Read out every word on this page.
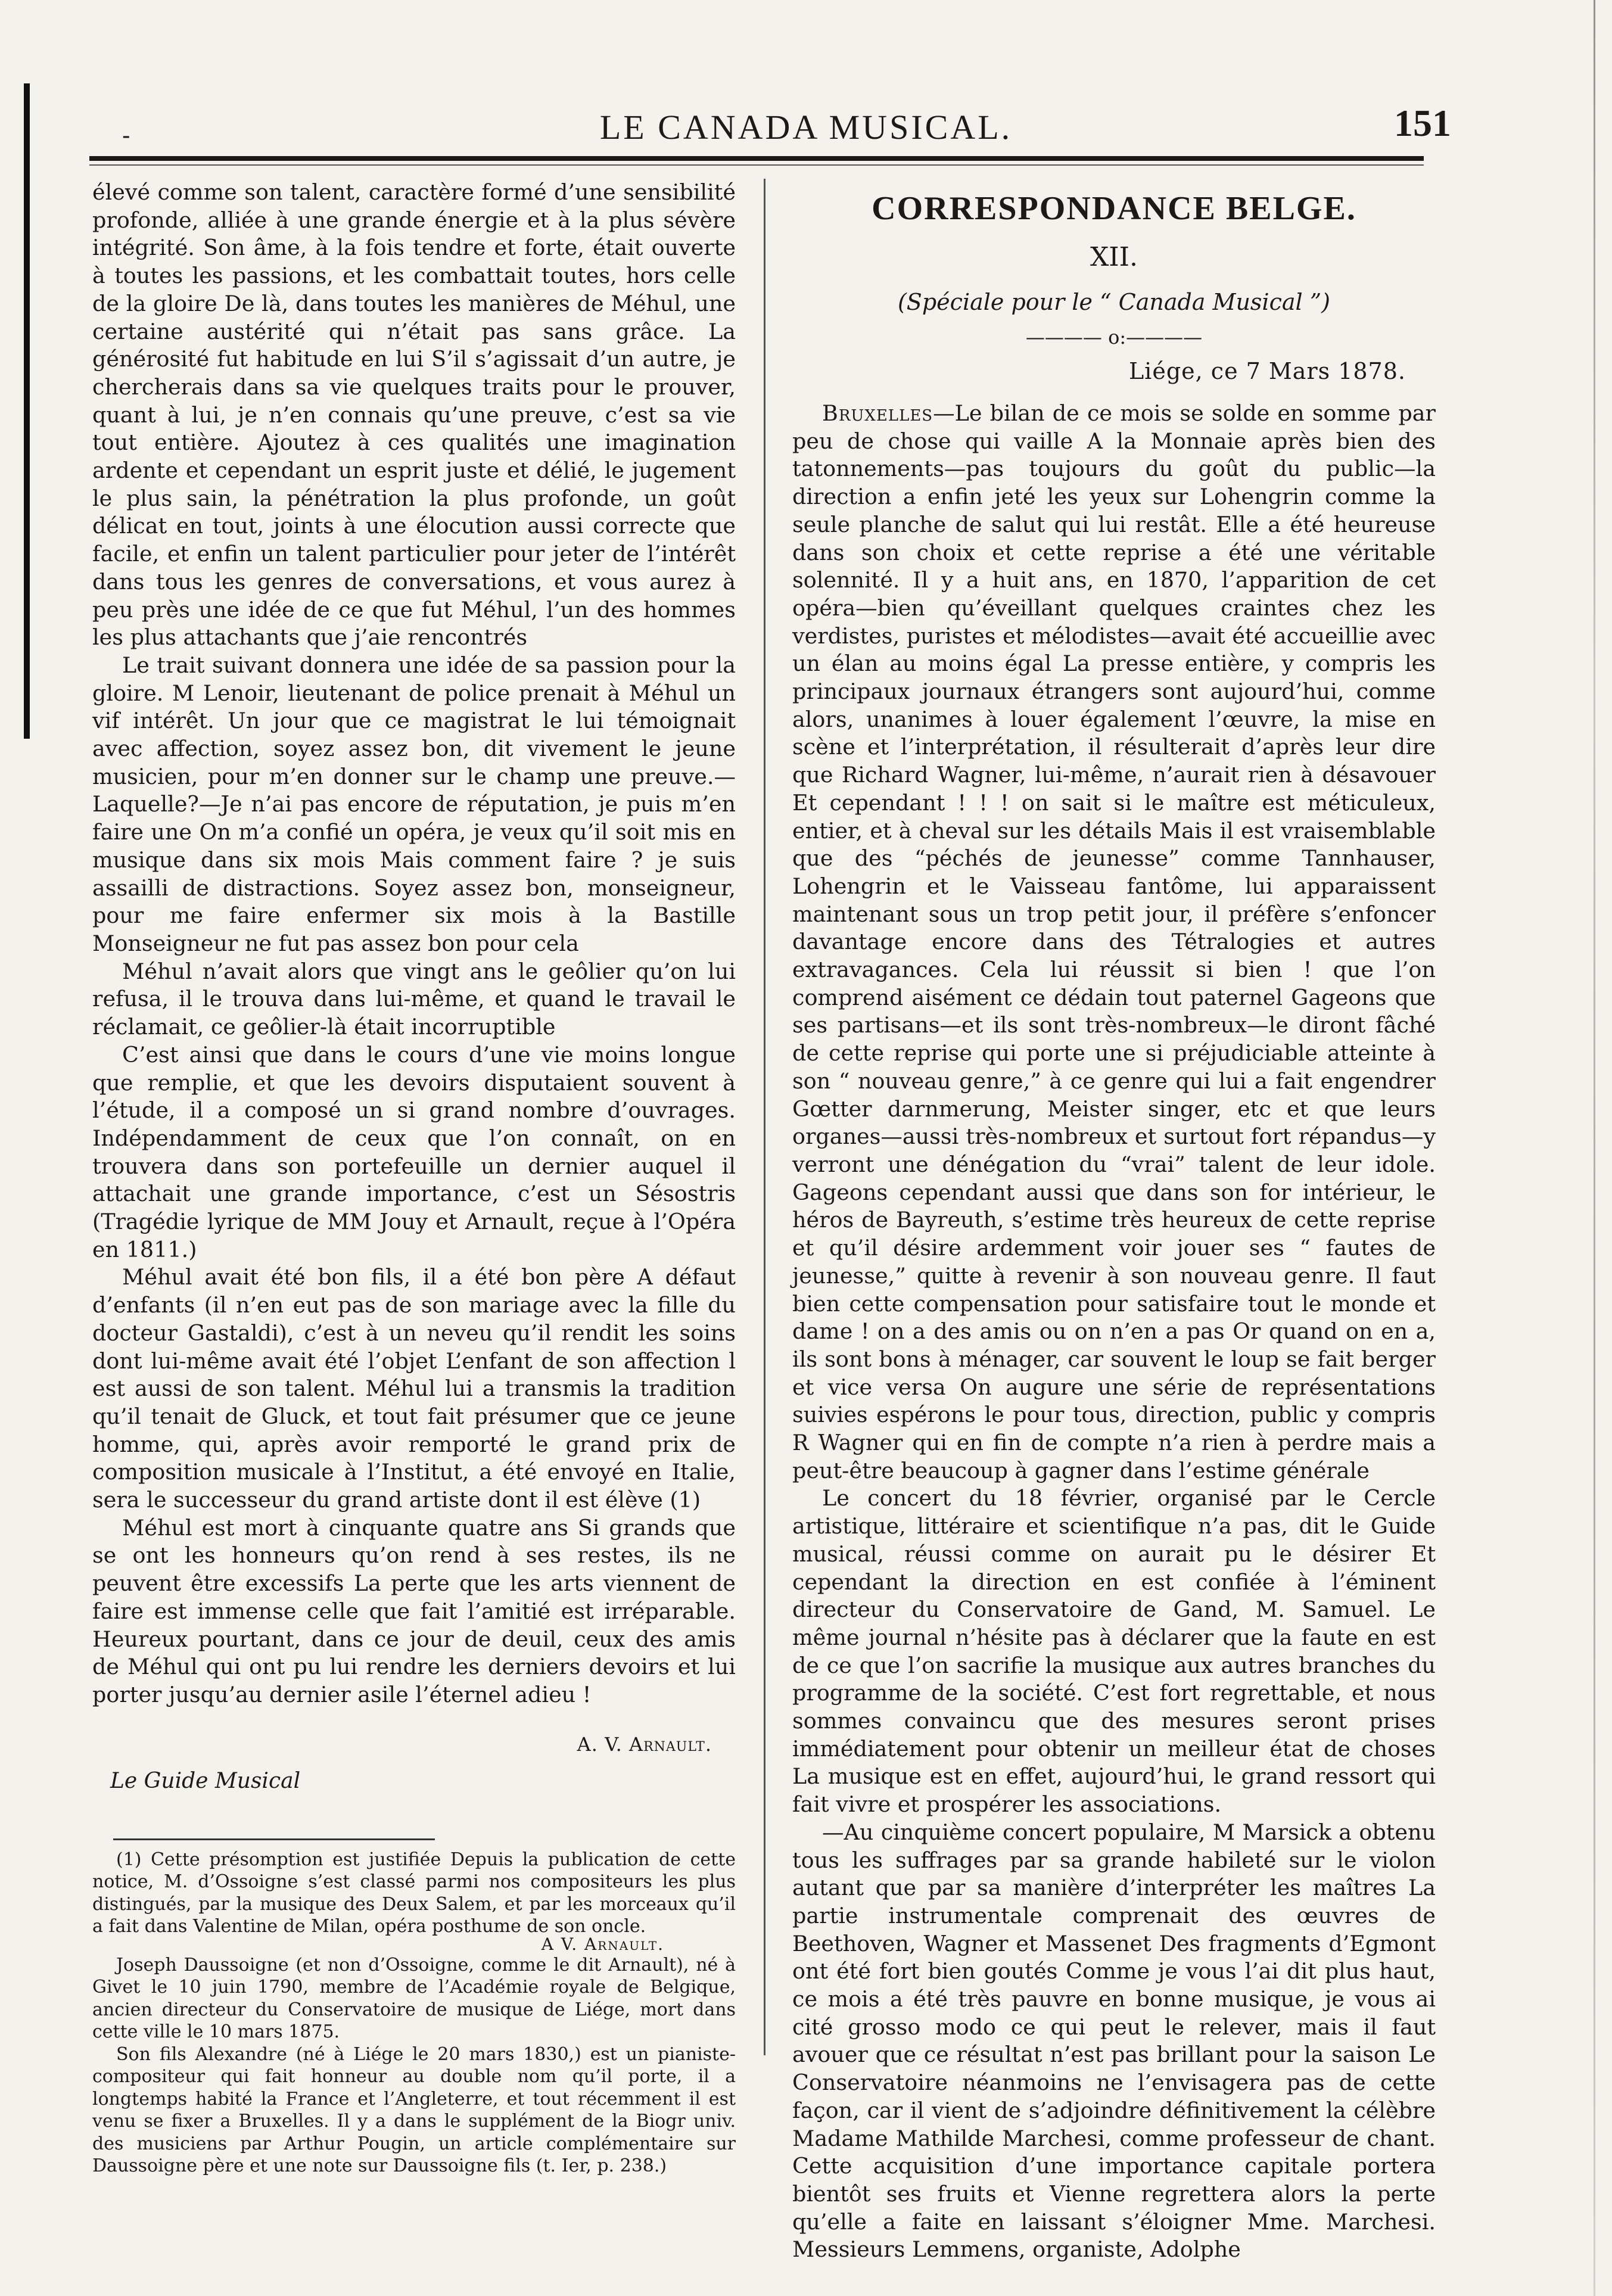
-	LE CANADA MUSICAL.	151

élevé comme son talent, caractère formé d’une sensibilité profonde, alliée à une grande énergie et à la plus sévère intégrité. Son âme, à la fois tendre et forte, était ouverte à toutes les passions, et les combattait toutes, hors celle de la gloire De là, dans toutes les manières de Méhul, une certaine austérité qui n’était pas sans grâce. La générosité fut habitude en lui S’il s’agissait d’un autre, je chercherais dans sa vie quelques traits pour le prouver, quant à lui, je n’en connais qu’une preuve, c’est sa vie tout entière. Ajoutez à ces qualités une imagination ardente et cependant un esprit juste et délié, le jugement le plus sain, la pénétration la plus profonde, un goût délicat en tout, joints à une élocution aussi correcte que facile, et enfin un talent particulier pour jeter de l’intérêt dans tous les genres de conversations, et vous aurez à peu près une idée de ce que fut Méhul, l’un des hommes les plus attachants que j’aie rencontrés

Le trait suivant donnera une idée de sa passion pour la gloire. M Lenoir, lieutenant de police prenait à Méhul un vif intérêt. Un jour que ce magistrat le lui témoignait avec affection, soyez assez bon, dit vivement le jeune musicien, pour m’en donner sur le champ une preuve.—Laquelle?—Je n’ai pas encore de réputation, je puis m’en faire une On m’a confié un opéra, je veux qu’il soit mis en musique dans six mois Mais comment faire ? je suis assailli de distractions. Soyez assez bon, monseigneur, pour me faire enfermer six mois à la Bastille Monseigneur ne fut pas assez bon pour cela

Méhul n’avait alors que vingt ans le geôlier qu’on lui refusa, il le trouva dans lui-même, et quand le travail le réclamait, ce geôlier-là était incorruptible

C’est ainsi que dans le cours d’une vie moins longue que remplie, et que les devoirs disputaient souvent à l’étude, il a composé un si grand nombre d’ouvrages. Indépendamment de ceux que l’on connaît, on en trouvera dans son portefeuille un dernier auquel il attachait une grande importance, c’est un Sésostris (Tragédie lyrique de MM Jouy et Arnault, reçue à l’Opéra en 1811.)

Méhul avait été bon fils, il a été bon père A défaut d’enfants (il n’en eut pas de son mariage avec la fille du docteur Gastaldi), c’est à un neveu qu’il rendit les soins dont lui-même avait été l’objet L’enfant de son affection l est aussi de son talent. Méhul lui a transmis la tradition qu’il tenait de Gluck, et tout fait présumer que ce jeune homme, qui, après avoir remporté le grand prix de composition musicale à l’Institut, a été envoyé en Italie, sera le successeur du grand artiste dont il est élève (1)

Méhul est mort à cinquante quatre ans Si grands que se ont les honneurs qu’on rend à ses restes, ils ne peuvent être excessifs La perte que les arts viennent de faire est immense celle que fait l’amitié est irréparable. Heureux pourtant, dans ce jour de deuil, ceux des amis de Méhul qui ont pu lui rendre les derniers devoirs et lui porter jusqu’au dernier asile l’éternel adieu !

A. V. Arnault.
Le Guide Musical

(1) Cette présomption est justifiée Depuis la publication de cette notice, M. d’Ossoigne s’est classé parmi nos compositeurs les plus distingués, par la musique des Deux Salem, et par les morceaux qu’il a fait dans Valentine de Milan, opéra posthume de son oncle.

A V. Arnault.

Joseph Daussoigne (et non d’Ossoigne, comme le dit Arnault), né à Givet le 10 juin 1790, membre de l’Académie royale de Belgique, ancien directeur du Conservatoire de musique de Liége, mort dans cette ville le 10 mars 1875.

Son fils Alexandre (né à Liége le 20 mars 1830,) est un pianiste-compositeur qui fait honneur au double nom qu’il porte, il a longtemps habité la France et l’Angleterre, et tout récemment il est venu se fixer a Bruxelles. Il y a dans le supplément de la Biogr univ. des musiciens par Arthur Pougin, un article complémentaire sur Daussoigne père et une note sur Daussoigne fils (t. Ier, p. 238.)

CORRESPONDANCE BELGE.
XII.
(Spéciale pour le “ Canada Musical ”)
———— o:————
Liége, ce 7 Mars 1878.

Bruxelles—Le bilan de ce mois se solde en somme par peu de chose qui vaille A la Monnaie après bien des tatonnements—pas toujours du goût du public—la direction a enfin jeté les yeux sur Lohengrin comme la seule planche de salut qui lui restât. Elle a été heureuse dans son choix et cette reprise a été une véritable solennité. Il y a huit ans, en 1870, l’apparition de cet opéra—bien qu’éveillant quelques craintes chez les verdistes, puristes et mélodistes—avait été accueillie avec un élan au moins égal La presse entière, y compris les principaux journaux étrangers sont aujourd’hui, comme alors, unanimes à louer également l’œuvre, la mise en scène et l’interprétation, il résulterait d’après leur dire que Richard Wagner, lui-même, n’aurait rien à désavouer Et cependant ! ! ! on sait si le maître est méticuleux, entier, et à cheval sur les détails Mais il est vraisemblable que des “péchés de jeunesse” comme Tannhauser, Lohengrin et le Vaisseau fantôme, lui apparaissent maintenant sous un trop petit jour, il préfère s’enfoncer davantage encore dans des Tétralogies et autres extravagances. Cela lui réussit si bien ! que l’on comprend aisément ce dédain tout paternel Gageons que ses partisans—et ils sont très-nombreux—le diront fâché de cette reprise qui porte une si préjudiciable atteinte à son “ nouveau genre,” à ce genre qui lui a fait engendrer Gœtter darnmerung, Meister singer, etc et que leurs organes—aussi très-nombreux et surtout fort répandus—y verront une dénégation du “vrai” talent de leur idole. Gageons cependant aussi que dans son for intérieur, le héros de Bayreuth, s’estime très heureux de cette reprise et qu’il désire ardemment voir jouer ses “ fautes de jeunesse,” quitte à revenir à son nouveau genre. Il faut bien cette compensation pour satisfaire tout le monde et dame ! on a des amis ou on n’en a pas Or quand on en a, ils sont bons à ménager, car souvent le loup se fait berger et vice versa On augure une série de représentations suivies espérons le pour tous, direction, public y compris R Wagner qui en fin de compte n’a rien à perdre mais a peut-être beaucoup à gagner dans l’estime générale

Le concert du 18 février, organisé par le Cercle artistique, littéraire et scientifique n’a pas, dit le Guide musical, réussi comme on aurait pu le désirer Et cependant la direction en est confiée à l’éminent directeur du Conservatoire de Gand, M. Samuel. Le même journal n’hésite pas à déclarer que la faute en est de ce que l’on sacrifie la musique aux autres branches du programme de la société. C’est fort regrettable, et nous sommes convaincu que des mesures seront prises immédiatement pour obtenir un meilleur état de choses La musique est en effet, aujourd’hui, le grand ressort qui fait vivre et prospérer les associations.

—Au cinquième concert populaire, M Marsick a obtenu tous les suffrages par sa grande habileté sur le violon autant que par sa manière d’interpréter les maîtres La partie instrumentale comprenait des œuvres de Beethoven, Wagner et Massenet Des fragments d’Egmont ont été fort bien goutés Comme je vous l’ai dit plus haut, ce mois a été très pauvre en bonne musique, je vous ai cité grosso modo ce qui peut le relever, mais il faut avouer que ce résultat n’est pas brillant pour la saison Le Conservatoire néanmoins ne l’envisagera pas de cette façon, car il vient de s’adjoindre définitivement la célèbre Madame Mathilde Marchesi, comme professeur de chant. Cette acquisition d’une importance capitale portera bientôt ses fruits et Vienne regrettera alors la perte qu’elle a faite en laissant s’éloigner Mme. Marchesi. Messieurs Lemmens, organiste, Adolphe
